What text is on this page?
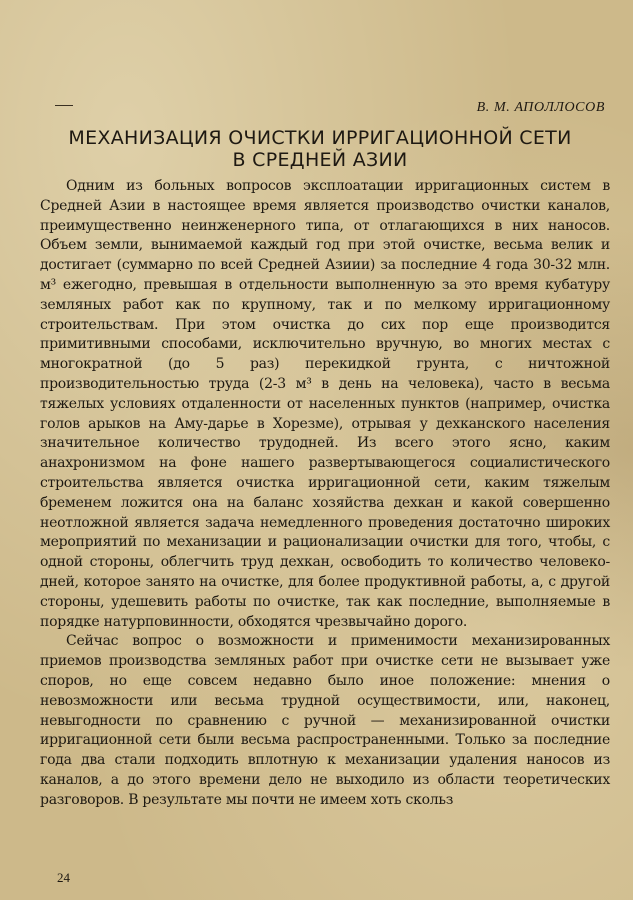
В. М. АПОЛЛОСОВ
МЕХАНИЗАЦИЯ ОЧИСТКИ ИРРИГАЦИОННОЙ СЕТИ
В СРЕДНЕЙ АЗИИ

Одним из больных вопросов эксплоатации ирригационных систем в Средней Азии в настоящее время является производство очистки каналов, преимущественно неинженерного типа, от отлагающихся в них наносов. Объем земли, вынимаемой каждый год при этой очистке, весьма велик и достигает (суммарно по всей Средней Азиии) за последние 4 года 30-32 млн. м³ ежегодно, превышая в отдельности выполненную за это время кубатуру земляных работ как по крупному, так и по мелкому ирригационному строительствам. При этом очистка до сих пор еще производится примитивными способами, исключительно вручную, во многих местах с многократной (до 5 раз) перекидкой грунта, с ничтожной производительностью труда (2-3 м³ в день на человека), часто в весьма тяжелых условиях отдаленности от населенных пунктов (например, очистка голов арыков на Аму-дарье в Хорезме), отрывая у дехканского населения значительное количество трудодней. Из всего этого ясно, каким анахронизмом на фоне нашего развертывающегося социалистического строительства является очистка ирригационной сети, каким тяжелым бременем ложится она на баланс хозяйства дехкан и какой совершенно неотложной является задача немедленного проведения достаточно широких мероприятий по механизации и рационализации очистки для того, чтобы, с одной стороны, облегчить труд дехкан, освободить то количество человеко-дней, которое занято на очистке, для более продуктивной работы, а, с другой стороны, удешевить работы по очистке, так как последние, выполняемые в порядке натурповинности, обходятся чрезвычайно дорого.

Сейчас вопрос о возможности и применимости механизированных приемов производства земляных работ при очистке сети не вызывает уже споров, но еще совсем недавно было иное положение: мнения о невозможности или весьма трудной осуществимости, или, наконец, невыгодности по сравнению с ручной — механизированной очистки ирригационной сети были весьма распространенными. Только за последние года два стали подходить вплотную к механизации удаления наносов из каналов, а до этого времени дело не выходило из области теоретических разговоров. В результате мы почти не имеем хоть скольз

24
